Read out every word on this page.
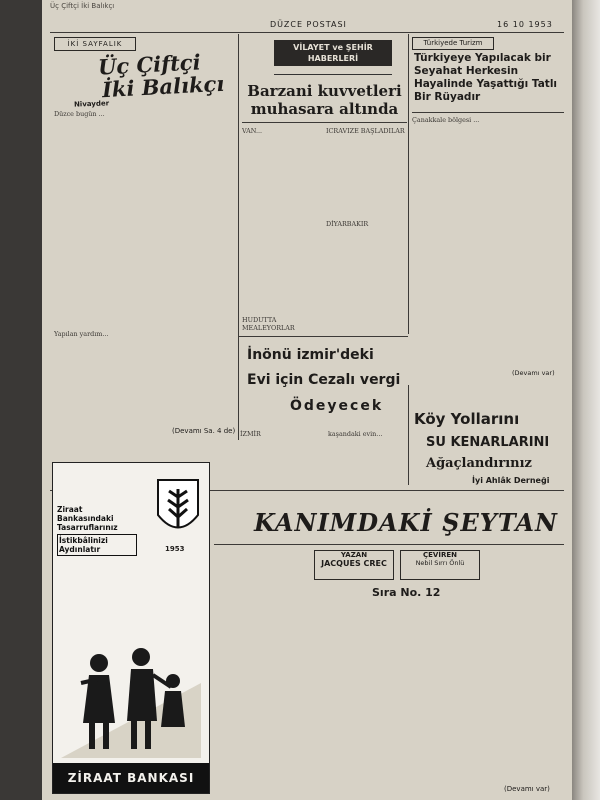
Üç Çiftçi İki Balıkçı
DÜZCE POSTASI	16 10 1953
İKİ SAYFALIK
Üç Çiftçi
İki Balıkçı
Nivayder
Düzce bugün ...
Yapılan yardım...
(Devamı Sa. 4 de)
VİLAYET ve ŞEHİR HABERLERİ
Barzani kuvvetleri muhasara altında
VAN...	ICRAVIZE BAŞLADILAR
DİYARBAKIR
HUDUTTA MEALEYORLAR
Türkiyede Turizm
Türkiyeye Yapılacak bir Seyahat Herkesin Hayalinde Yaşattığı Tatlı Bir Rüyadır
Çanakkale bölgesi ...
(Devamı var)
İnönü izmir'deki
Evi için Cezalı vergi
Ödeyecek
İZMİR	kaşandaki evin...
Köy Yollarını
SU KENARLARINI
Ağaçlandırınız
İyi Ahlâk Derneği
Ziraat Bankasındaki
Tasarruflarınız
İstikbâlinizi Aydınlatır	1953
ZİRAAT BANKASI
KANIMDAKİ ŞEYTAN
YAZAN
JACQUES CREC
ÇEVİREN
Nebil Sırrı Önlü
Sıra No. 12
(Devamı var)
